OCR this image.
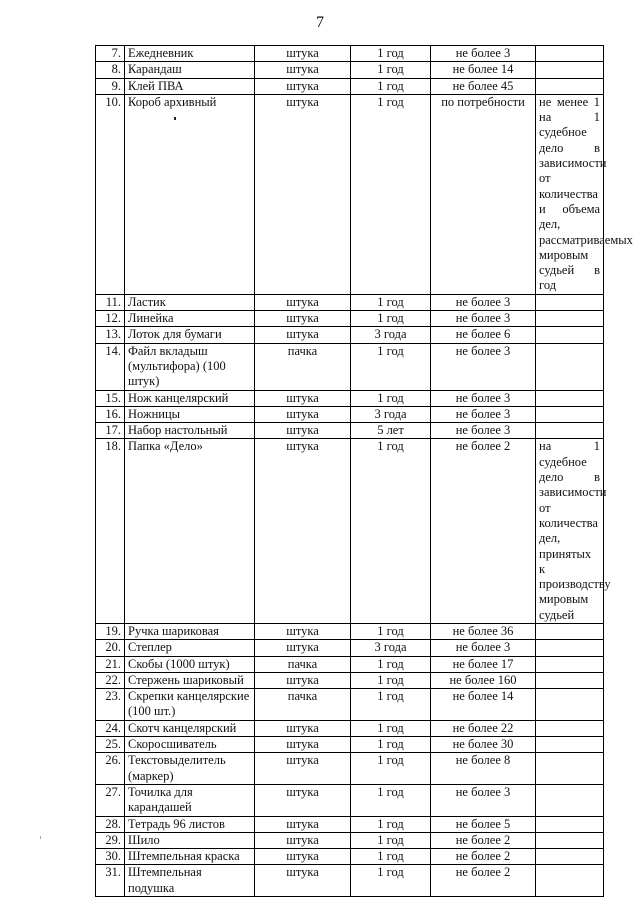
7
7.	Ежедневник	штука	1 год	не более 3	
8.	Карандаш	штука	1 год	не более 14	
9.	Клей ПВА	штука	1 год	не более 45	
10.	Короб архивный	штука	1 год	по потребности	не менее 1 на 1 судебное дело в зависимости от количества и объема дел, рассматриваемых мировым судьей в год
11.	Ластик	штука	1 год	не более 3	
12.	Линейка	штука	1 год	не более 3	
13.	Лоток для бумаги	штука	3 года	не более 6	
14.	Файл вкладыш (мультифора) (100 штук)	пачка	1 год	не более 3	
15.	Нож канцелярский	штука	1 год	не более 3	
16.	Ножницы	штука	3 года	не более 3	
17.	Набор настольный	штука	5 лет	не более 3	
18.	Папка «Дело»	штука	1 год	не более 2	на 1 судебное дело в зависимости от количества дел, принятых к производству мировым судьей
19.	Ручка шариковая	штука	1 год	не более 36	
20.	Степлер	штука	3 года	не более 3	
21.	Скобы (1000 штук)	пачка	1 год	не более 17	
22.	Стержень шариковый	штука	1 год	не более 160	
23.	Скрепки канцелярские (100 шт.)	пачка	1 год	не более 14	
24.	Скотч канцелярский	штука	1 год	не более 22	
25.	Скоросшиватель	штука	1 год	не более 30	
26.	Текстовыделитель (маркер)	штука	1 год	не более 8	
27.	Точилка для карандашей	штука	1 год	не более 3	
28.	Тетрадь 96 листов	штука	1 год	не более 5	
29.	Шило	штука	1 год	не более 2	
30.	Штемпельная краска	штука	1 год	не более 2	
31.	Штемпельная подушка	штука	1 год	не более 2	
